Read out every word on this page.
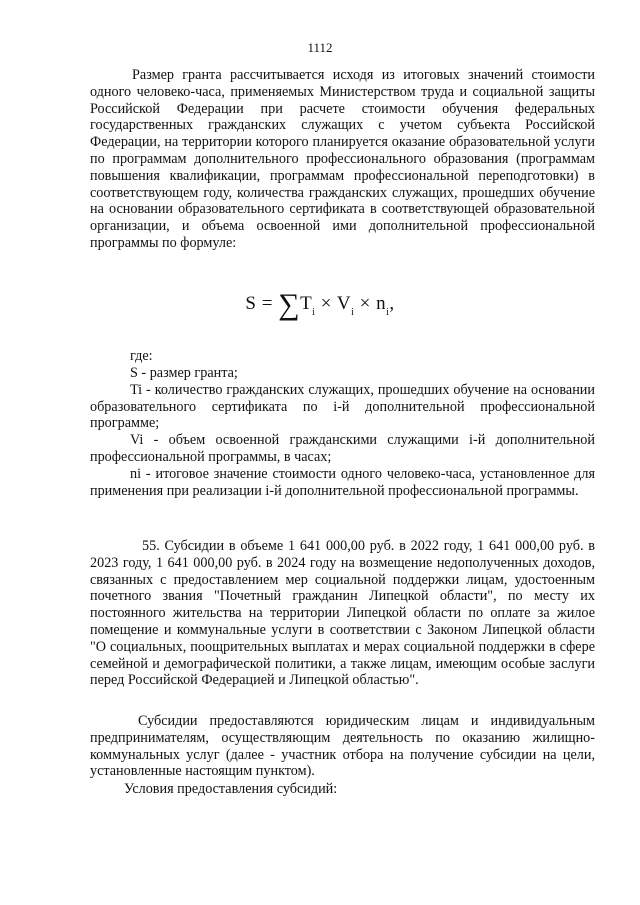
1112

Размер гранта рассчитывается исходя из итоговых значений стоимости одного человеко-часа, применяемых Министерством труда и социальной защиты Российской Федерации при расчете стоимости обучения федеральных государственных гражданских служащих с учетом субъекта Российской Федерации, на территории которого планируется оказание образовательной услуги по программам дополнительного профессионального образования (программам повышения квалификации, программам профессиональной переподготовки) в соответствующем году, количества гражданских служащих, прошедших обучение на основании образовательного сертификата в соответствующей образовательной организации, и объема освоенной ими дополнительной профессиональной программы по формуле:

$S = \sum T_i \times V_i \times n_i$,
где:

S - размер гранта;

Ti - количество гражданских служащих, прошедших обучение на основании образовательного сертификата по i-й дополнительной профессиональной программе;

Vi - объем освоенной гражданскими служащими i-й дополнительной профессиональной программы, в часах;

ni - итоговое значение стоимости одного человеко-часа, установленное для применения при реализации i-й дополнительной профессиональной программы.

55. Субсидии в объеме 1 641 000,00 руб. в 2022 году, 1 641 000,00 руб. в 2023 году, 1 641 000,00 руб. в 2024 году на возмещение недополученных доходов, связанных с предоставлением мер социальной поддержки лицам, удостоенным почетного звания "Почетный гражданин Липецкой области", по месту их постоянного жительства на территории Липецкой области по оплате за жилое помещение и коммунальные услуги в соответствии с Законом Липецкой области "О социальных, поощрительных выплатах и мерах социальной поддержки в сфере семейной и демографической политики, а также лицам, имеющим особые заслуги перед Российской Федерацией и Липецкой областью".

Субсидии предоставляются юридическим лицам и индивидуальным предпринимателям, осуществляющим деятельность по оказанию жилищно-коммунальных услуг (далее - участник отбора на получение субсидии на цели, установленные настоящим пунктом).

Условия предоставления субсидий:
